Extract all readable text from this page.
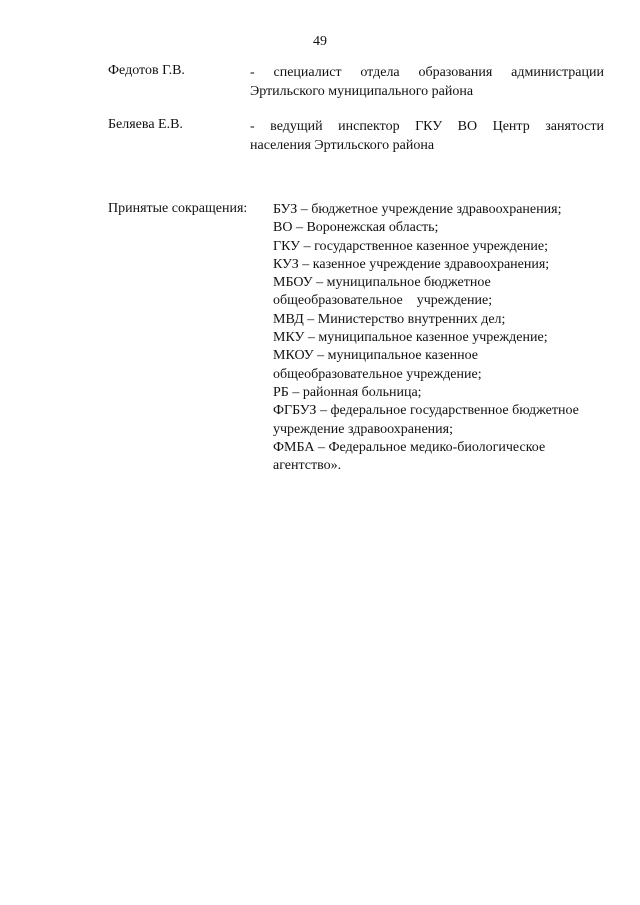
49
Федотов Г.В.	- специалист отдела образования администрации
Эртильского муниципального района
Беляева Е.В.	- ведущий инспектор ГКУ ВО Центр занятости
населения Эртильского района
Принятые сокращения: БУЗ – бюджетное учреждение здравоохранения;
ВО – Воронежская область;
ГКУ – государственное казенное учреждение;
КУЗ – казенное учреждение здравоохранения;
МБОУ – муниципальное бюджетное
общеобразовательное    учреждение;
МВД – Министерство внутренних дел;
МКУ – муниципальное казенное учреждение;
МКОУ – муниципальное казенное
общеобразовательное учреждение;
РБ – районная больница;
ФГБУЗ – федеральное государственное бюджетное
учреждение здравоохранения;
ФМБА – Федеральное медико-биологическое
агентство».
